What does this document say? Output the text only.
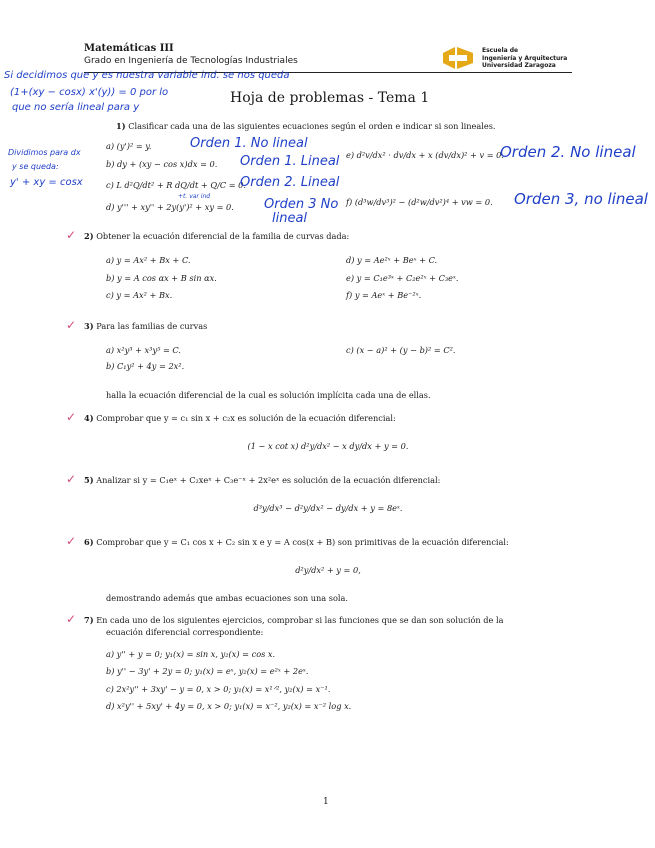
Matemáticas III
Grado en Ingeniería de Tecnologías Industriales
Escuela de
Ingeniería y Arquitectura
Universidad Zaragoza
Si decidimos que y es nuestra variable ind. se nos queda
(1+(xy − cosx) x'(y)) = 0 por lo
que no sería lineal para y
Hoja de problemas - Tema 1
1) Clasificar cada una de las siguientes ecuaciones según el orden e indicar si son lineales.
Dividimos para dx
y se queda:
y' + xy = cosx
a) (y')² = y.	Orden 1. No lineal
b) dy + (xy − cos x)dx = 0. Orden 1. Lineal
c) L d²Q/dt² + R dQ/dt + Q/C = 0.
Orden 2. Lineal
+t. var ind
d) y''' + xy'' + 2y(y')² + xy = 0. Orden 3 No
lineal
e) d²v/dx² · dv/dx + x (dv/dx)² + v = 0.
Orden 2. No lineal
f) (d³w/dv³)² − (d²w/dv²)⁴ + vw = 0. Orden 3, no lineal
✓ 2) Obtener la ecuación diferencial de la familia de curvas dada:
a) y = Ax² + Bx + C.
b) y = A cos αx + B sin αx.
c) y = Ax² + Bx.
d) y = Ae²ˣ + Beˣ + C.
e) y = C₁e³ˣ + C₂e²ˣ + C₃eˣ.
f) y = Aeˣ + Be⁻²ˣ.
✓ 3) Para las familias de curvas
a) x²y³ + x³y⁵ = C.
b) C₁y² + 4y = 2x².
c) (x − a)² + (y − b)² = C².
halla la ecuación diferencial de la cual es solución implícita cada una de ellas.
✓ 4) Comprobar que y = c₁ sin x + c₂x es solución de la ecuación diferencial:
(1 − x cot x) d²y/dx² − x dy/dx + y = 0.
✓ 5) Analizar si y = C₁eˣ + C₂xeˣ + C₃e⁻ˣ + 2x²eˣ es solución de la ecuación diferencial:
d³y/dx³ − d²y/dx² − dy/dx + y = 8eˣ.
✓ 6) Comprobar que y = C₁ cos x + C₂ sin x e y = A cos(x + B) son primitivas de la ecuación diferencial:
d²y/dx² + y = 0,
demostrando además que ambas ecuaciones son una sola.
✓ 7) En cada uno de los siguientes ejercicios, comprobar si las funciones que se dan son solución de la
ecuación diferencial correspondiente:
a) y'' + y = 0; y₁(x) = sin x, y₂(x) = cos x.
b) y'' − 3y' + 2y = 0; y₁(x) = eˣ, y₂(x) = e²ˣ + 2eˣ.
c) 2x²y'' + 3xy' − y = 0, x > 0; y₁(x) = x¹ᐟ², y₂(x) = x⁻¹.
d) x²y'' + 5xy' + 4y = 0, x > 0; y₁(x) = x⁻², y₂(x) = x⁻² log x.
1
